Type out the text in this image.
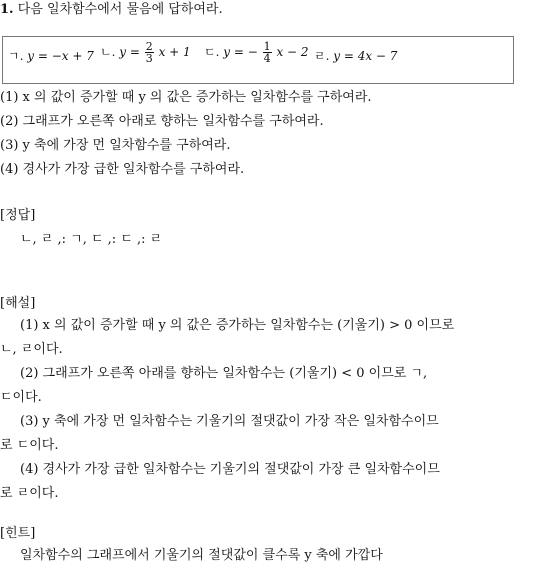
1. 다음 일차함수에서 물음에 답하여라.
ㄱ. y = −x + 7 ㄴ. $y = \frac{2}{3}$ x + 1 ㄷ. y = − $\frac{1}{4}$ x − 2 ㄹ. y = 4x − 7
(1) x 의 값이 증가할 때 y 의 값은 증가하는 일차함수를 구하여라.
(2) 그래프가 오른쪽 아래로 향하는 일차함수를 구하여라.
(3) y 축에 가장 먼 일차함수를 구하여라.
(4) 경사가 가장 급한 일차함수를 구하여라.
[정답]
ㄴ, ㄹ ,: ㄱ, ㄷ ,: ㄷ ,: ㄹ
[해설]
(1) x 의 값이 증가할 때 y 의 값은 증가하는 일차함수는 (기울기) > 0 이므로
ㄴ, ㄹ이다.
(2) 그래프가 오른쪽 아래를 향하는 일차함수는 (기울기) < 0 이므로 ㄱ,
ㄷ이다.
(3) y 축에 가장 먼 일차함수는 기울기의 절댓값이 가장 작은 일차함수이므
로 ㄷ이다.
(4) 경사가 가장 급한 일차함수는 기울기의 절댓값이 가장 큰 일차함수이므
로 ㄹ이다.
[힌트]
일차함수의 그래프에서 기울기의 절댓값이 클수록 y 축에 가깝다
